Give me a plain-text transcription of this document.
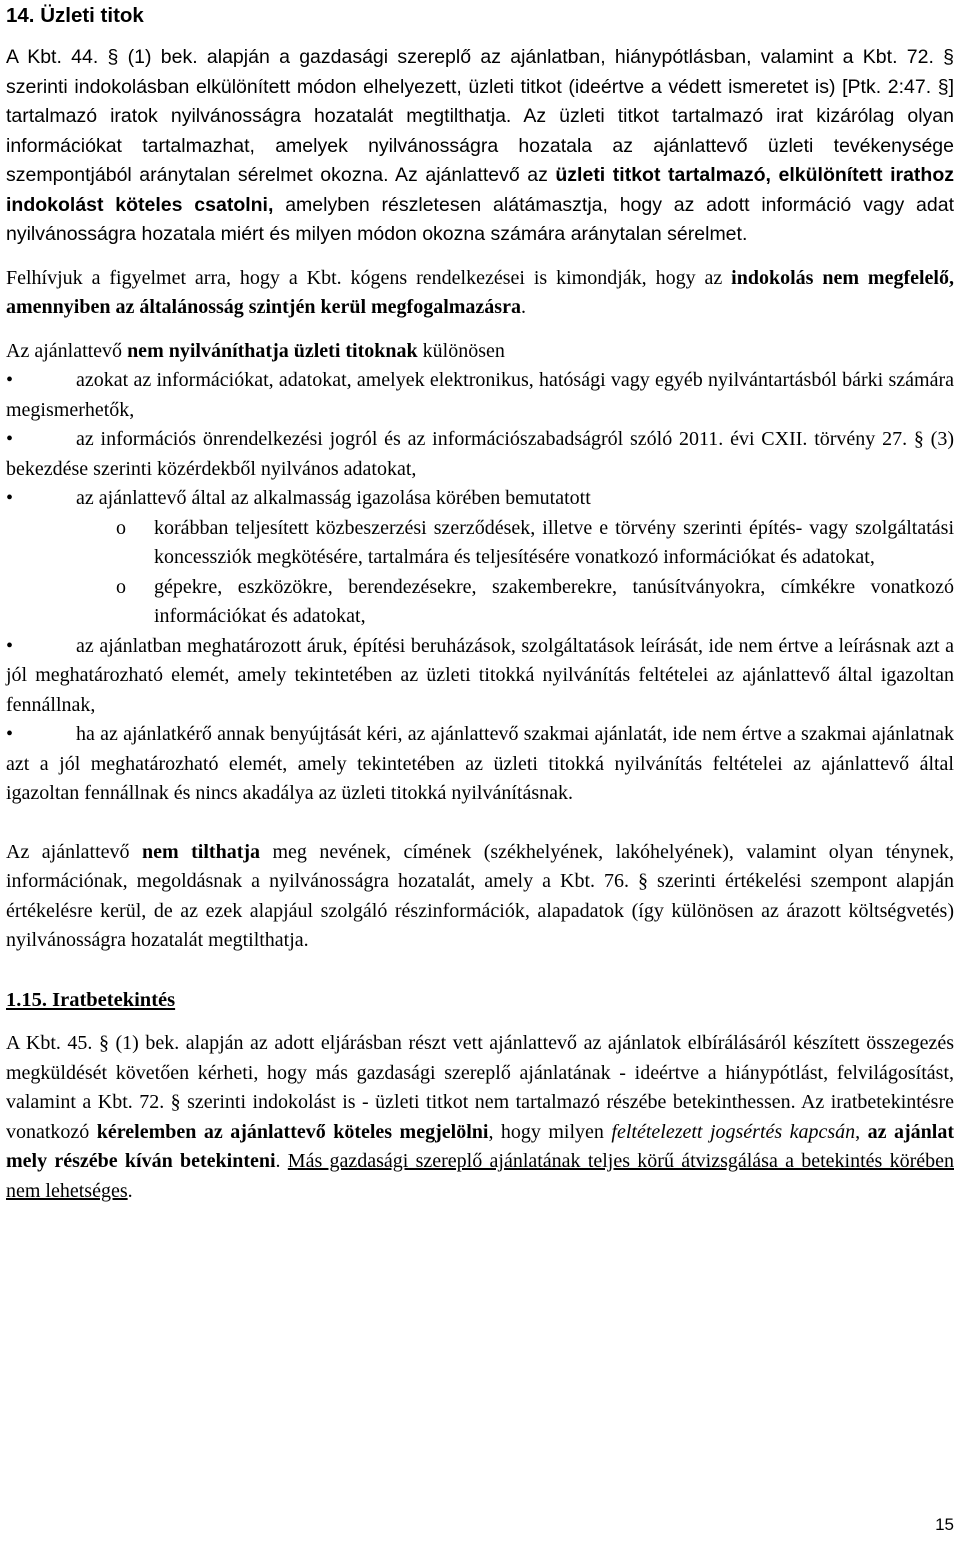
14. Üzleti titok

A Kbt. 44. § (1) bek. alapján a gazdasági szereplő az ajánlatban, hiánypótlásban, valamint a Kbt. 72. § szerinti indokolásban elkülönített módon elhelyezett, üzleti titkot (ideértve a védett ismeretet is) [Ptk. 2:47. §] tartalmazó iratok nyilvánosságra hozatalát megtilthatja. Az üzleti titkot tartalmazó irat kizárólag olyan információkat tartalmazhat, amelyek nyilvánosságra hozatala az ajánlattevő üzleti tevékenysége szempontjából aránytalan sérelmet okozna. Az ajánlattevő az üzleti titkot tartalmazó, elkülönített irathoz indokolást köteles csatolni, amelyben részletesen alátámasztja, hogy az adott információ vagy adat nyilvánosságra hozatala miért és milyen módon okozna számára aránytalan sérelmet.

Felhívjuk a figyelmet arra, hogy a Kbt. kógens rendelkezései is kimondják, hogy az indokolás nem megfelelő, amennyiben az általánosság szintjén kerül megfogalmazásra.

Az ajánlattevő nem nyilváníthatja üzleti titoknak különösen

•	azokat az információkat, adatokat, amelyek elektronikus, hatósági vagy egyéb nyilvántartásból bárki számára megismerhetők,

•	az információs önrendelkezési jogról és az információszabadságról szóló 2011. évi CXII. törvény 27. § (3) bekezdése szerinti közérdekből nyilvános adatokat,

•	az ajánlattevő által az alkalmasság igazolása körében bemutatott

o korábban teljesített közbeszerzési szerződések, illetve e törvény szerinti építés- vagy szolgáltatási koncessziók megkötésére, tartalmára és teljesítésére vonatkozó információkat és adatokat,

o gépekre, eszközökre, berendezésekre, szakemberekre, tanúsítványokra, címkékre vonatkozó információkat és adatokat,

•	az ajánlatban meghatározott áruk, építési beruházások, szolgáltatások leírását, ide nem értve a leírásnak azt a jól meghatározható elemét, amely tekintetében az üzleti titokká nyilvánítás feltételei az ajánlattevő által igazoltan fennállnak,

•	ha az ajánlatkérő annak benyújtását kéri, az ajánlattevő szakmai ajánlatát, ide nem értve a szakmai ajánlatnak azt a jól meghatározható elemét, amely tekintetében az üzleti titokká nyilvánítás feltételei az ajánlattevő által igazoltan fennállnak és nincs akadálya az üzleti titokká nyilvánításnak.

Az ajánlattevő nem tilthatja meg nevének, címének (székhelyének, lakóhelyének), valamint olyan ténynek, információnak, megoldásnak a nyilvánosságra hozatalát, amely a Kbt. 76. § szerinti értékelési szempont alapján értékelésre kerül, de az ezek alapjául szolgáló részinformációk, alapadatok (így különösen az árazott költségvetés) nyilvánosságra hozatalát megtilthatja.

1.15. Iratbetekintés

A Kbt. 45. § (1) bek. alapján az adott eljárásban részt vett ajánlattevő az ajánlatok elbírálásáról készített összegezés megküldését követően kérheti, hogy más gazdasági szereplő ajánlatának - ideértve a hiánypótlást, felvilágosítást, valamint a Kbt. 72. § szerinti indokolást is - üzleti titkot nem tartalmazó részébe betekinthessen. Az iratbetekintésre vonatkozó kérelemben az ajánlattevő köteles megjelölni, hogy milyen feltételezett jogsértés kapcsán, az ajánlat mely részébe kíván betekinteni. Más gazdasági szereplő ajánlatának teljes körű átvizsgálása a betekintés körében nem lehetséges.

15
